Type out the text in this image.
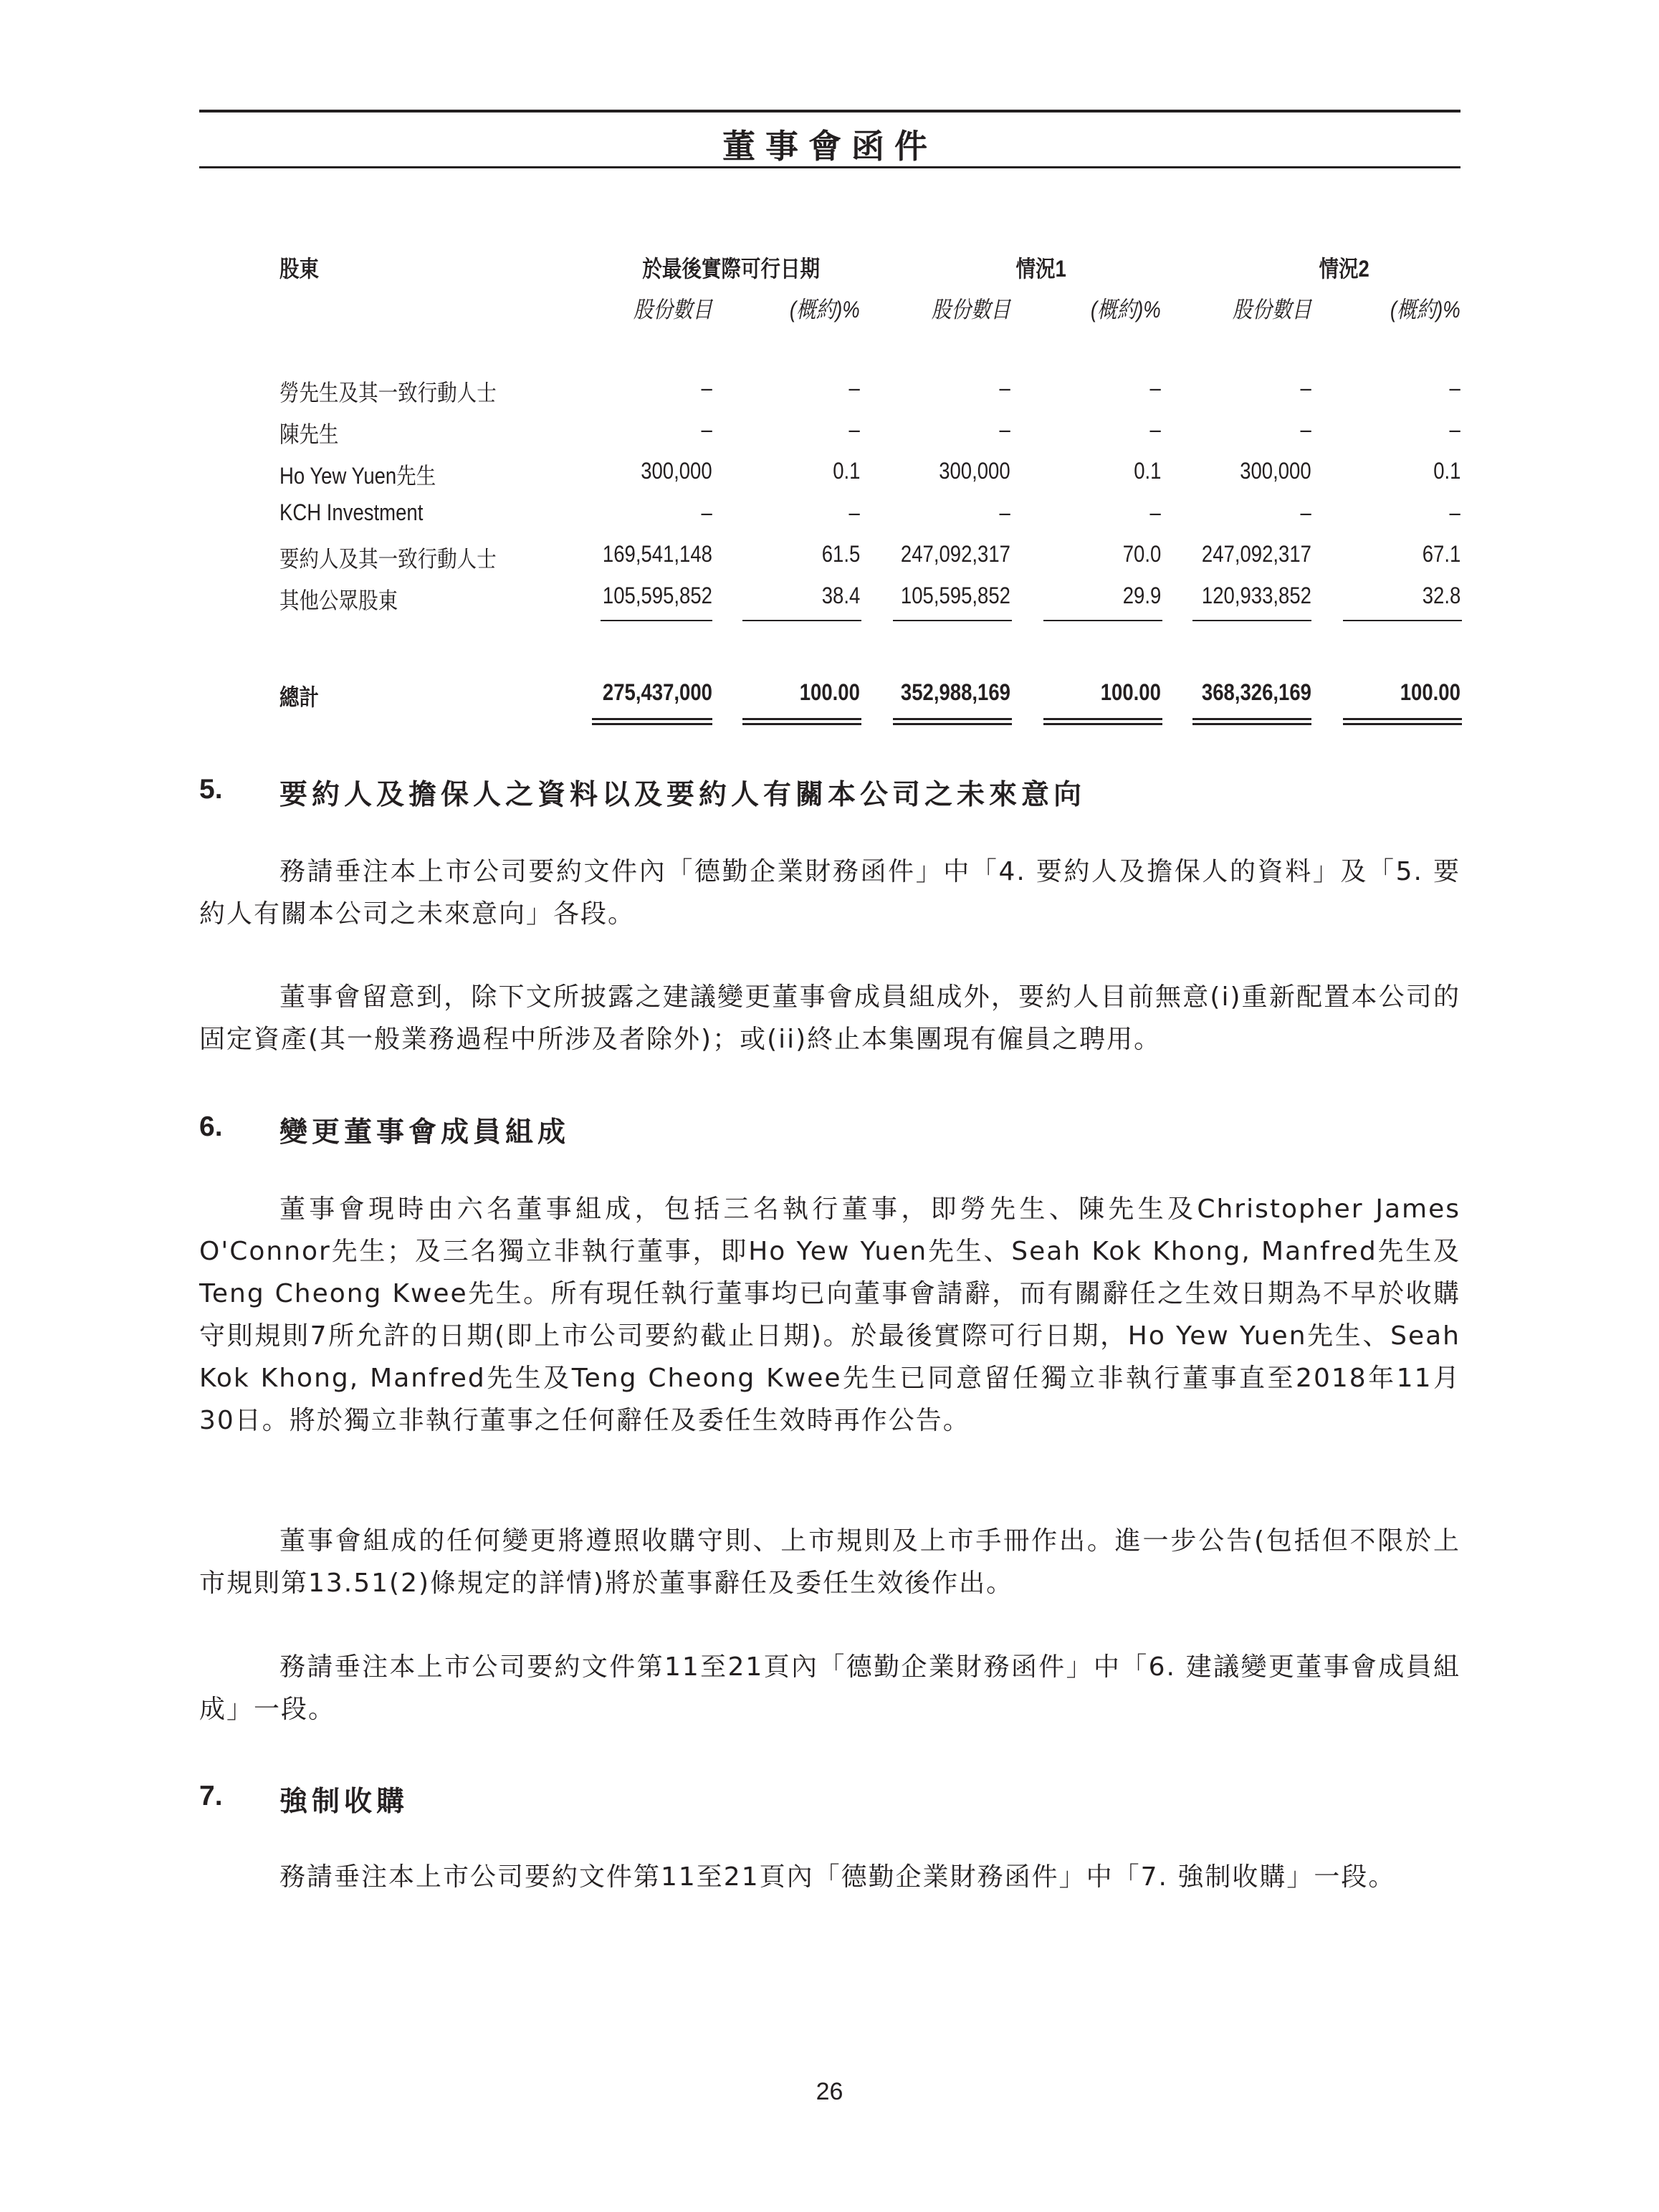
董事會函件
股東	於最後實際可行日期	情況1	情況2
股份數目	(概約)%	股份數目	(概約)%	股份數目	(概約)%
勞先生及其一致行動人士	–	–	–	–	–	–
陳先生	–	–	–	–	–	–
Ho Yew Yuen先生	300,000	0.1	300,000	0.1	300,000	0.1
KCH Investment	–	–	–	–	–	–
要約人及其一致行動人士	169,541,148	61.5 247,092,317	70.0 247,092,317	67.1
其他公眾股東	105,595,852	38.4 105,595,852	29.9 120,933,852	32.8
總計	275,437,000	100.00 352,988,169	100.00 368,326,169	100.00
5. 要約人及擔保人之資料以及要約人有關本公司之未來意向
務請垂注本上市公司要約文件內「德勤企業財務函件」中「4. 要約人及擔保人的資料」及「5. 要約人有關本公司之未來意向」各段。
董事會留意到，除下文所披露之建議變更董事會成員組成外，要約人目前無意(i)重新配置本公司的固定資產(其一般業務過程中所涉及者除外)；或(ii)終止本集團現有僱員之聘用。
6. 變更董事會成員組成
董事會現時由六名董事組成，包括三名執行董事，即勞先生、陳先生及Christopher James O'Connor先生；及三名獨立非執行董事，即Ho Yew Yuen先生、Seah Kok Khong, Manfred先生及Teng Cheong Kwee先生。所有現任執行董事均已向董事會請辭，而有關辭任之生效日期為不早於收購守則規則7所允許的日期(即上市公司要約截止日期)。於最後實際可行日期，Ho Yew Yuen先生、Seah Kok Khong, Manfred先生及Teng Cheong Kwee先生已同意留任獨立非執行董事直至2018年11月30日。將於獨立非執行董事之任何辭任及委任生效時再作公告。
董事會組成的任何變更將遵照收購守則、上市規則及上市手冊作出。進一步公告(包括但不限於上市規則第13.51(2)條規定的詳情)將於董事辭任及委任生效後作出。
務請垂注本上市公司要約文件第11至21頁內「德勤企業財務函件」中「6. 建議變更董事會成員組成」一段。
7. 強制收購
務請垂注本上市公司要約文件第11至21頁內「德勤企業財務函件」中「7. 強制收購」一段。
26
